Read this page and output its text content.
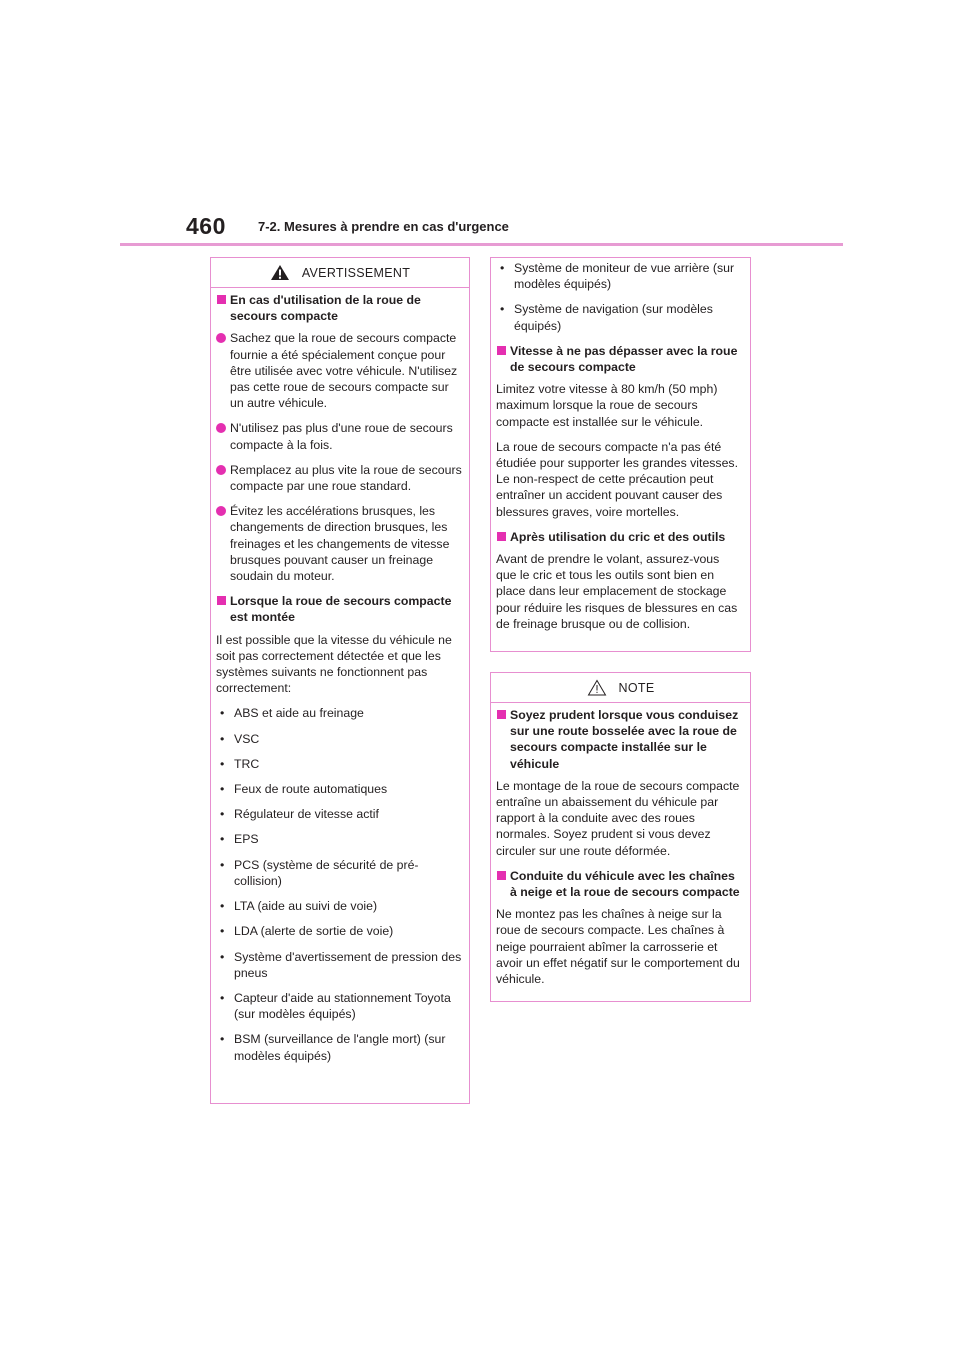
460 7-2. Mesures à prendre en cas d'urgence
AVERTISSEMENT
En cas d'utilisation de la roue de secours compacte
Sachez que la roue de secours compacte fournie a été spécialement conçue pour être utilisée avec votre véhicule. N'utilisez pas cette roue de secours compacte sur un autre véhicule.
N'utilisez pas plus d'une roue de secours compacte à la fois.
Remplacez au plus vite la roue de secours compacte par une roue standard.
Évitez les accélérations brusques, les changements de direction brusques, les freinages et les changements de vitesse brusques pouvant causer un freinage soudain du moteur.
Lorsque la roue de secours compacte est montée
Il est possible que la vitesse du véhicule ne soit pas correctement détectée et que les systèmes suivants ne fonctionnent pas correctement:
• ABS et aide au freinage
• VSC
• TRC
• Feux de route automatiques
• Régulateur de vitesse actif
• EPS
• PCS (système de sécurité de pré-collision)
• LTA (aide au suivi de voie)
• LDA (alerte de sortie de voie)
• Système d'avertissement de pression des pneus
• Capteur d'aide au stationnement Toyota (sur modèles équipés)
• BSM (surveillance de l'angle mort) (sur modèles équipés)
• Système de moniteur de vue arrière (sur modèles équipés)
• Système de navigation (sur modèles équipés)
Vitesse à ne pas dépasser avec la roue de secours compacte
Limitez votre vitesse à 80 km/h (50 mph) maximum lorsque la roue de secours compacte est installée sur le véhicule.
La roue de secours compacte n'a pas été étudiée pour supporter les grandes vitesses. Le non-respect de cette précaution peut entraîner un accident pouvant causer des blessures graves, voire mortelles.
Après utilisation du cric et des outils
Avant de prendre le volant, assurez-vous que le cric et tous les outils sont bien en place dans leur emplacement de stockage pour réduire les risques de blessures en cas de freinage brusque ou de collision.
NOTE
Soyez prudent lorsque vous conduisez sur une route bosselée avec la roue de secours compacte installée sur le véhicule
Le montage de la roue de secours compacte entraîne un abaissement du véhicule par rapport à la conduite avec des roues normales. Soyez prudent si vous devez circuler sur une route déformée.
Conduite du véhicule avec les chaînes à neige et la roue de secours compacte
Ne montez pas les chaînes à neige sur la roue de secours compacte. Les chaînes à neige pourraient abîmer la carrosserie et avoir un effet négatif sur le comportement du véhicule.
